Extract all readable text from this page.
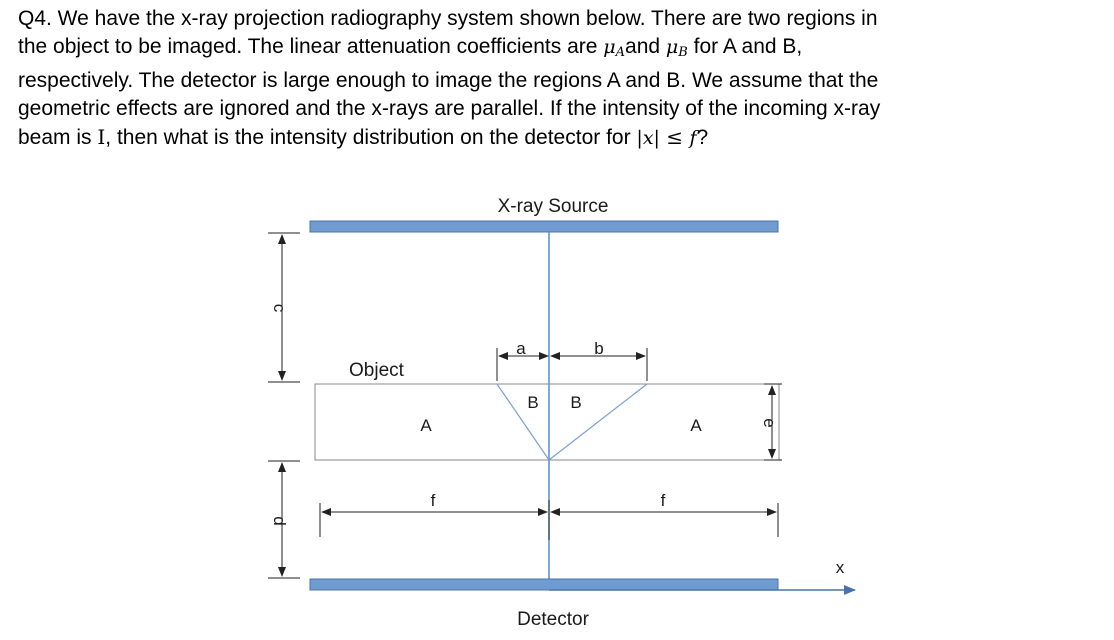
Q4. We have the x-ray projection radiography system shown below. There are two regions in
the object to be imaged. The linear attenuation coefficients are $\mu_Aand$ $\mu_B$ for A and B,
respectively. The detector is large enough to image the regions A and B. We assume that the
geometric effects are ignored and the x-rays are parallel. If the intensity of the incoming x-ray
beam is I, then what is the intensity distribution on the detector for |x| ≤ f?
X-ray Source
Object
A	A
B B
a	b
c
d
e
f	f
Detector
x
